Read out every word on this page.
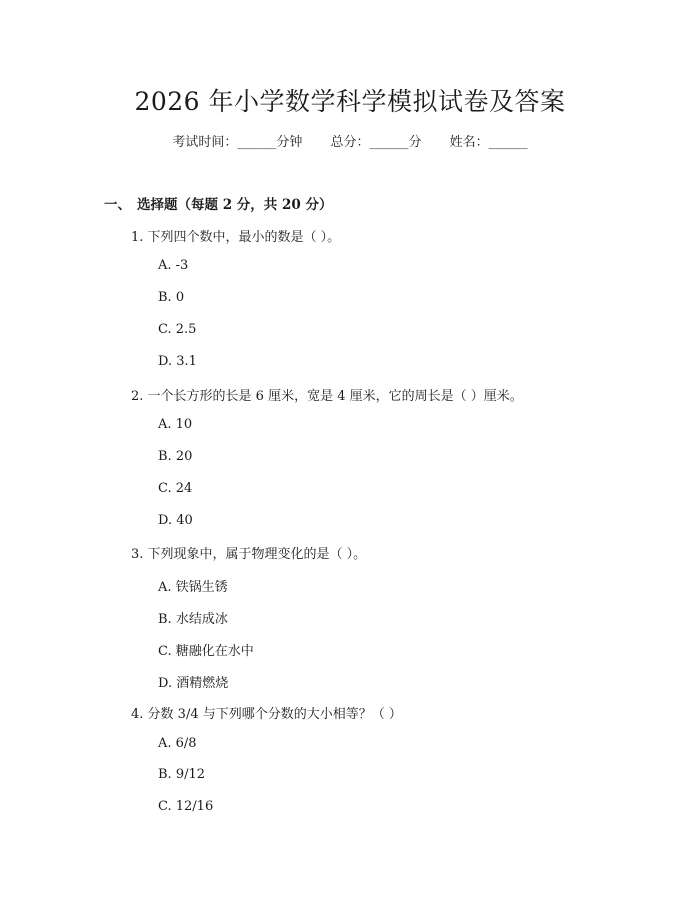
2026 年小学数学科学模拟试卷及答案
考试时间：______分钟 总分：______分 姓名：______
一、 选择题（每题 2 分，共 20 分）
1. 下列四个数中，最小的数是（ ）。
A. -3
B. 0
C. 2.5
D. 3.1
2. 一个长方形的长是 6 厘米，宽是 4 厘米，它的周长是（ ）厘米。
A. 10
B. 20
C. 24
D. 40
3. 下列现象中，属于物理变化的是（ ）。
A. 铁锅生锈
B. 水结成冰
C. 糖融化在水中
D. 酒精燃烧
4. 分数 3/4 与下列哪个分数的大小相等？（ ）
A. 6/8
B. 9/12
C. 12/16
